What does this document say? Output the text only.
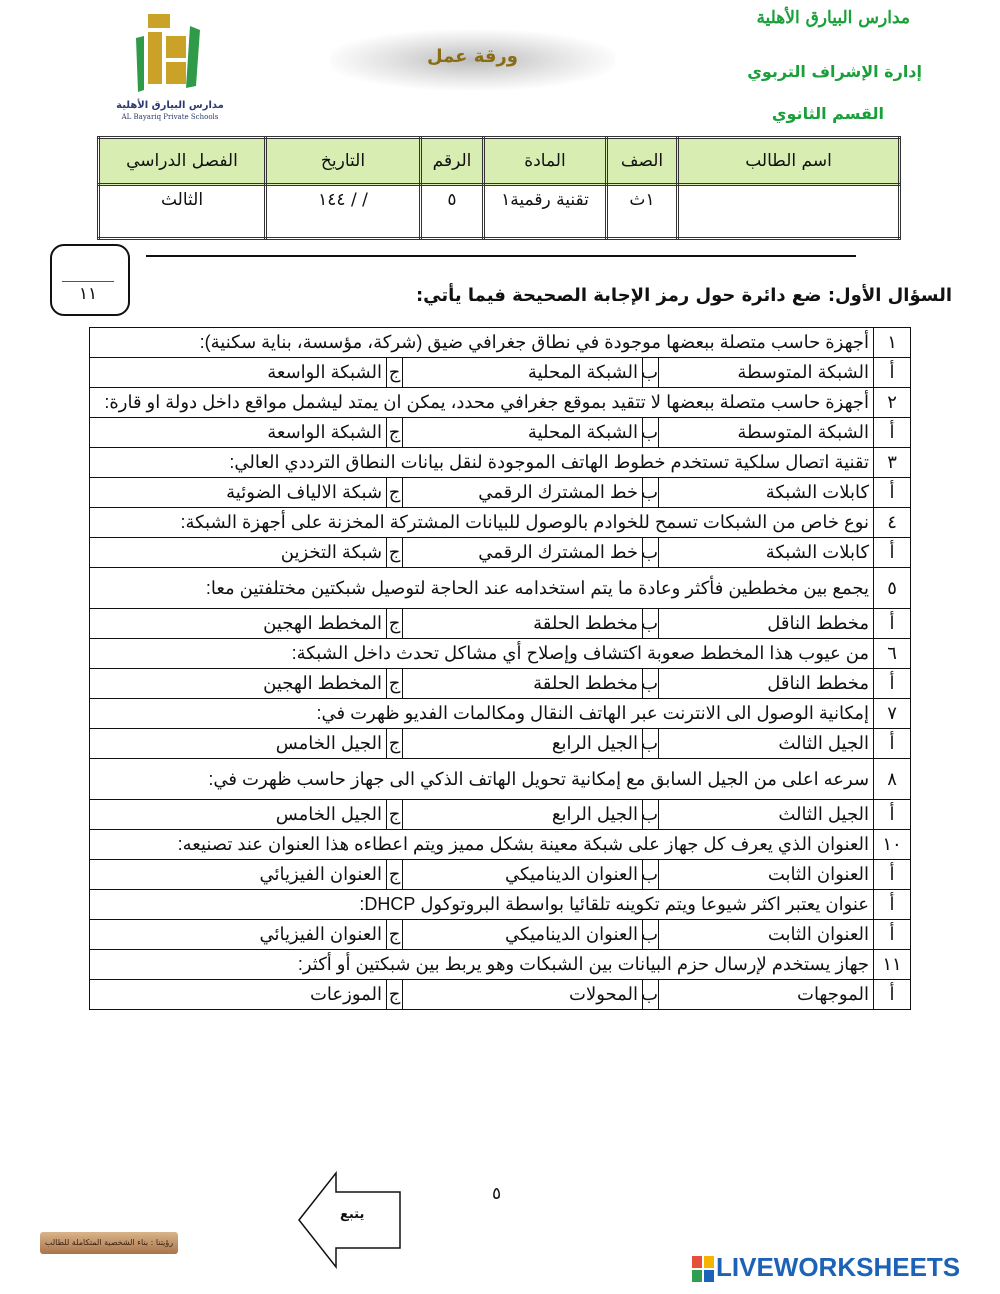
مدارس البيارق الأهلية
إدارة الإشراف التربوي
القسم الثانوي
ورقة عمل
مدارس البيارق الأهلية
AL Bayariq Private Schools
اسم الطالب	الصف	المادة	الرقم	التاريخ	الفصل الدراسي
	١ث	تقنية رقمية١	٥	/ / ١٤٤	الثالث
١١	السؤال الأول: ضع دائرة حول رمز الإجابة الصحيحة فيما يأتي:
١	أجهزة حاسب متصلة ببعضها موجودة في نطاق جغرافي ضيق (شركة، مؤسسة، بناية سكنية):				
أ	الشبكة المتوسطة	ب	الشبكة المحلية	ج	الشبكة الواسعة
٢	أجهزة حاسب متصلة ببعضها لا تتقيد بموقع جغرافي محدد، يمكن ان يمتد ليشمل مواقع داخل دولة او قارة:				
أ	الشبكة المتوسطة	ب	الشبكة المحلية	ج	الشبكة الواسعة
٣	تقنية اتصال سلكية تستخدم خطوط الهاتف الموجودة لنقل بيانات النطاق الترددي العالي:				
أ	كابلات الشبكة	ب	خط المشترك الرقمي	ج	شبكة الالياف الضوئية
٤	نوع خاص من الشبكات تسمح للخوادم بالوصول للبيانات المشتركة المخزنة على أجهزة الشبكة:				
أ	كابلات الشبكة	ب	خط المشترك الرقمي	ج	شبكة التخزين
٥	يجمع بين مخططين فأكثر وعادة ما يتم استخدامه عند الحاجة لتوصيل شبكتين مختلفتين معا:				
أ	مخطط الناقل	ب	مخطط الحلقة	ج	المخطط الهجين
٦	من عيوب هذا المخطط صعوبة اكتشاف وإصلاح أي مشاكل تحدث داخل الشبكة:				
أ	مخطط الناقل	ب	مخطط الحلقة	ج	المخطط الهجين
٧	إمكانية الوصول الى الانترنت عبر الهاتف النقال ومكالمات الفديو ظهرت في:				
أ	الجيل الثالث	ب	الجيل الرابع	ج	الجيل الخامس
٨	سرعه اعلى من الجيل السابق مع إمكانية تحويل الهاتف الذكي الى جهاز حاسب ظهرت في:				
أ	الجيل الثالث	ب	الجيل الرابع	ج	الجيل الخامس
١٠	العنوان الذي يعرف كل جهاز على شبكة معينة بشكل مميز ويتم اعطاءه هذا العنوان عند تصنيعه:				
أ	العنوان الثابت	ب	العنوان الديناميكي	ج	العنوان الفيزيائي
أ	عنوان يعتبر اكثر شيوعا ويتم تكوينه تلقائيا بواسطة البروتوكول DHCP:				
أ	العنوان الثابت	ب	العنوان الديناميكي	ج	العنوان الفيزيائي
١١	جهاز يستخدم لإرسال حزم البيانات بين الشبكات وهو يربط بين شبكتين أو أكثر:				
أ	الموجهات	ب	المحولات	ج	الموزعات
٥
يتبع
رؤيتنا : بناء الشخصية المتكاملة للطالب
LIVEWORKSHEETS
